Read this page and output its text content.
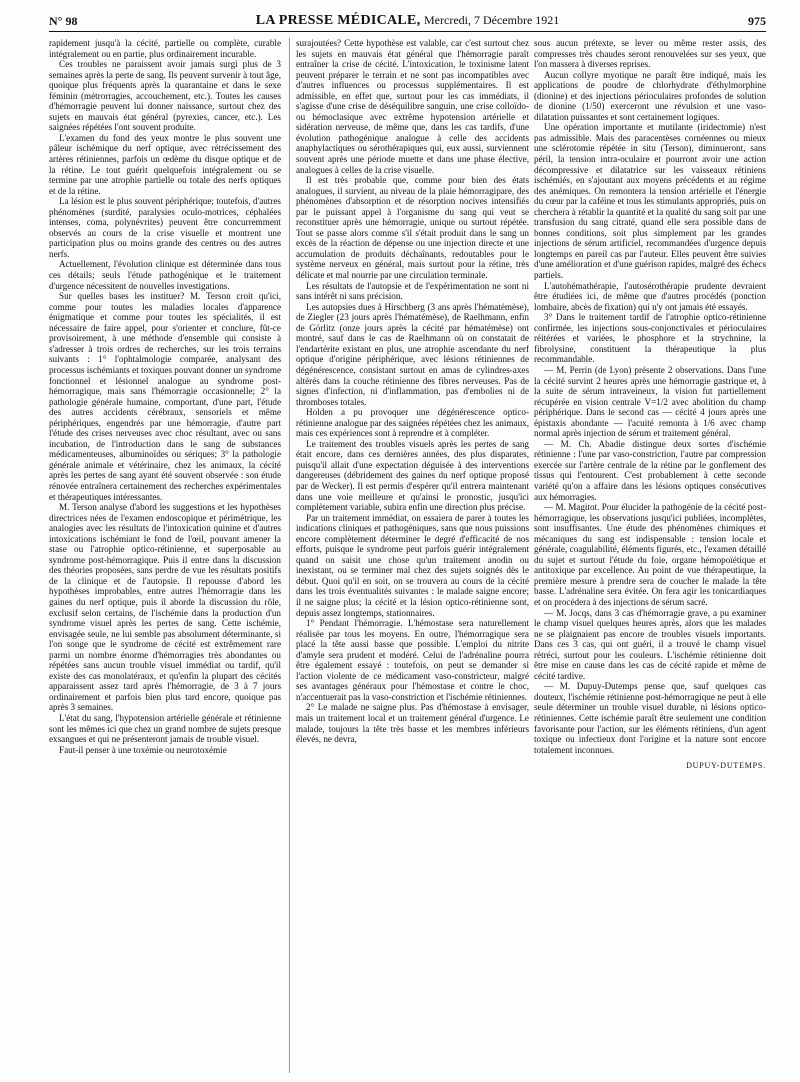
N° 98	LA PRESSE MÉDICALE, Mercredi, 7 Décembre 1921	975

rapidement jusqu'à la cécité, partielle ou complète, curable intégralement ou en partie, plus ordinairement incurable.

Ces troubles ne paraissent avoir jamais surgi plus de 3 semaines après la perte de sang. Ils peuvent survenir à tout âge, quoique plus fréquents après la quarantaine et dans le sexe féminin (métrorragies, accouchement, etc.). Toutes les causes d'hémorragie peuvent lui donner naissance, surtout chez des sujets en mauvais état général (pyrexies, cancer, etc.). Les saignées répétées l'ont souvent produite.

L'examen du fond des yeux montre le plus souvent une pâleur ischémique du nerf optique, avec rétrécissement des artères rétiniennes, parfois un œdème du disque optique et de la rétine. Le tout guérit quelquefois intégralement ou se termine par une atrophie partielle ou totale des nerfs optiques et de la rétine.

La lésion est le plus souvent périphérique; toutefois, d'autres phénomènes (surdité, paralysies oculo-motrices, céphalées intenses, coma, polynévrites) peuvent être concurremment observés au cours de la crise visuelle et montrent une participation plus ou moins grande des centres ou des autres nerfs.

Actuellement, l'évolution clinique est déterminée dans tous ces détails; seuls l'étude pathogénique et le traitement d'urgence nécessitent de nouvelles investigations.

Sur quelles bases les instituer? M. Terson croit qu'ici, comme pour toutes les maladies locales d'apparence énigmatique et comme pour toutes les spécialités, il est nécessaire de faire appel, pour s'orienter et conclure, fût-ce provisoirement, à une méthode d'ensemble qui consiste à s'adresser à trois ordres de recherches, sur les trois terrains suivants : 1° l'ophtalmologie comparée, analysant des processus ischémiants et toxiques pouvant donner un syndrome fonctionnel et lésionnel analogue au syndrome post-hémorragique, mais sans l'hémorragie occasionnelle; 2° la pathologie générale humaine, comportant, d'une part, l'étude des autres accidents cérébraux, sensoriels et même périphériques, engendrés par une hémorragie, d'autre part l'étude des crises nerveuses avec choc résultant, avec ou sans incubation, de l'introduction dans le sang de substances médicamenteuses, albuminoïdes ou sériques; 3° la pathologie générale animale et vétérinaire, chez les animaux, la cécité après les pertes de sang ayant été souvent observée : son étude rénovée entraînera certainement des recherches expérimentales et thérapeutiques intéressantes.

M. Terson analyse d'abord les suggestions et les hypothèses directrices nées de l'examen endoscopique et périmétrique, les analogies avec les résultats de l'intoxication quinine et d'autres intoxications ischémiant le fond de l'œil, pouvant amener la stase ou l'atrophie optico-rétinienne, et superposable au syndrome post-hémorragique. Puis il entre dans la discussion des théories proposées, sans perdre de vue les résultats positifs de la clinique et de l'autopsie. Il repousse d'abord les hypothèses improbables, entre autres l'hémorragie dans les gaines du nerf optique, puis il aborde la discussion du rôle, exclusif selon certains, de l'ischémie dans la production d'un syndrome visuel après les pertes de sang. Cette ischémie, envisagée seule, ne lui semble pas absolument déterminante, si l'on songe que le syndrome de cécité est extrêmement rare parmi un nombre énorme d'hémorragies très abondantes ou répétées sans aucun trouble visuel immédiat ou tardif, qu'il existe des cas monolatéraux, et qu'enfin la plupart des cécités apparaissent assez tard après l'hémorragie, de 3 à 7 jours ordinairement et parfois bien plus tard encore, quoique pas après 3 semaines.

L'état du sang, l'hypotension artérielle générale et rétinienne sont les mêmes ici que chez un grand nombre de sujets presque exsangues et qui ne présenteront jamais de trouble visuel.

Faut-il penser à une toxémie ou neurotoxémie

surajoutées? Cette hypothèse est valable, car c'est surtout chez les sujets en mauvais état général que l'hémorragie paraît entraîner la crise de cécité. L'intoxication, le toxinisme latent peuvent préparer le terrain et ne sont pas incompatibles avec d'autres influences ou processus supplémentaires. Il est admissible, en effet que, surtout pour les cas immédiats, il s'agisse d'une crise de déséquilibre sanguin, une crise colloïdo- ou hémoclasique avec extrême hypotension artérielle et sidération nerveuse, de même que, dans les cas tardifs, d'une évolution pathogénique analogue à celle des accidents anaphylactiques ou sérothérapiques qui, eux aussi, surviennent souvent après une période muette et dans une phase élective, analogues à celles de la crise visuelle.

Il est très probable que, comme pour bien des états analogues, il survient, au niveau de la plaie hémorragipare, des phénomènes d'absorption et de résorption nocives intensifiés par le puissant appel à l'organisme du sang qui veut se reconstituer après une hémorragie, unique ou surtout répétée. Tout se passe alors comme s'il s'était produit dans le sang un excès de la réaction de dépense ou une injection directe et une accumulation de produits déchaînants, redoutables pour le système nerveux en général, mais surtout pour la rétine, très délicate et mal nourrie par une circulation terminale.

Les résultats de l'autopsie et de l'expérimentation ne sont ni sans intérêt ni sans précision.

Les autopsies dues à Hirschberg (3 ans après l'hématémèse), de Ziegler (23 jours après l'hématémèse), de Raelhmann, enfin de Görlitz (onze jours après la cécité par hématémèse) ont montré, sauf dans le cas de Raelhmann où on constatait de l'endartérite existant en plus, une atrophie ascendante du nerf optique d'origine périphérique, avec lésions rétiniennes de dégénérescence, consistant surtout en amas de cylindres-axes altérés dans la couche rétinienne des fibres nerveuses. Pas de signes d'infection, ni d'inflammation, pas d'embolies ni de thromboses totales.

Holden a pu provoquer une dégénérescence optico-rétinienne analogue par des saignées répétées chez les animaux, mais ces expériences sont à reprendre et à compléter.

Le traitement des troubles visuels après les pertes de sang était encore, dans ces dernières années, des plus disparates, puisqu'il allait d'une expectation déguisée à des interventions dangereuses (débridement des gaines du nerf optique proposé par de Wecker). Il est permis d'espérer qu'il entrera maintenant dans une voie meilleure et qu'ainsi le pronostic, jusqu'ici complètement variable, subira enfin une direction plus précise.

Par un traitement immédiat, on essaiera de parer à toutes les indications cliniques et pathogéniques, sans que nous puissions encore complètement déterminer le degré d'efficacité de nos efforts, puisque le syndrome peut parfois guérir intégralement quand on saisit une chose qu'un traitement anodin ou inexistant, ou se terminer mal chez des sujets soignés dès le début. Quoi qu'il en soit, on se trouvera au cours de la cécité dans les trois éventualités suivantes : le malade saigne encore; il ne saigne plus; la cécité et la lésion optico-rétinienne sont, depuis assez longtemps, stationnaires.

1° Pendant l'hémorragie. L'hémostase sera naturellement réalisée par tous les moyens. En outre, l'hémorragique sera placé la tête aussi basse que possible. L'emploi du nitrite d'amyle sera prudent et modéré. Celui de l'adrénaline pourra être également essayé : toutefois, on peut se demander si l'action violente de ce médicament vaso-constricteur, malgré ses avantages généraux pour l'hémostase et contre le choc, n'accentuerait pas la vaso-constriction et l'ischémie rétiniennes.

2° Le malade ne saigne plus. Pas d'hémostase à envisager, mais un traitement local et un traitement général d'urgence. Le malade, toujours la tête très basse et les membres inférieurs élevés, ne devra,

sous aucun prétexte, se lever ou même rester assis, des compresses très chaudes seront renouvelées sur ses yeux, que l'on massera à diverses reprises.

Aucun collyre myotique ne paraît être indiqué, mais les applications de poudre de chlorhydrate d'éthylmorphine (dionine) et des injections périoculaires profondes de solution de dionine (1/50) exerceront une révulsion et une vaso-dilatation puissantes et sont certainement logiques.

Une opération importante et mutilante (iridectomie) n'est pas admissible. Mais des paracentèses cornéennes ou mieux une sclérotomie répétée in situ (Terson), diminueront, sans péril, la tension intra-oculaire et pourront avoir une action décompressive et dilatatrice sur les vaisseaux rétiniens ischémiés, en s'ajoutant aux moyens précédents et au régime des anémiques. On remontera la tension artérielle et l'énergie du cœur par la caféine et tous les stimulants appropriés, puis on cherchera à rétablir la quantité et la qualité du sang soit par une transfusion du sang citraté, quand elle sera possible dans de bonnes conditions, soit plus simplement par les grandes injections de sérum artificiel, recommandées d'urgence depuis longtemps en pareil cas par l'auteur. Elles peuvent être suivies d'une amélioration et d'une guérison rapides, malgré des échecs partiels.

L'autohémathérapie, l'autosérothérapie prudente devraient être étudiées ici, de même que d'autres procédés (ponction lombaire, abcès de fixation) qui n'y ont jamais été essayés.

3° Dans le traitement tardif de l'atrophie optico-rétinienne confirmée, les injections sous-conjonctivales et périoculaires réitérées et variées, le phosphore et la strychnine, la fibrolysine, constituent la thérapeutique la plus recommandable.

— M. Perrin (de Lyon) présente 2 observations. Dans l'une la cécité survint 2 heures après une hémorragie gastrique et, à la suite de sérum intraveineux, la vision fut partiellement récupérée en vision centrale V=1/2 avec abolition du champ périphérique. Dans le second cas — cécité 4 jours après une épistaxis abondante — l'acuité remonta à 1/6 avec champ normal après injection de sérum et traitement général.

— M. Ch. Abadie distingue deux sortes d'ischémie rétinienne : l'une par vaso-constriction, l'autre par compression exercée sur l'artère centrale de la rétine par le gonflement des tissus qui l'entourent. C'est probablement à cette seconde variété qu'on a affaire dans les lésions optiques consécutives aux hémorragies.

— M. Magitot. Pour élucider la pathogénie de la cécité post-hémorragique, les observations jusqu'ici publiées, incomplètes, sont insuffisantes. Une étude des phénomènes chimiques et mécaniques du sang est indispensable : tension locale et générale, coagulabilité, éléments figurés, etc., l'examen détaillé du sujet et surtout l'étude du foie, organe hémopoïétique et antitoxique par excellence. Au point de vue thérapeutique, la première mesure à prendre sera de coucher le malade la tête basse. L'adrénaline sera évitée. On fera agir les tonicardiaques et on procédera à des injections de sérum sacré.

— M. Jocqs, dans 3 cas d'hémorragie grave, a pu examiner le champ visuel quelques heures après, alors que les malades ne se plaignaient pas encore de troubles visuels importants. Dans ces 3 cas, qui ont guéri, il a trouvé le champ visuel rétréci, surtout pour les couleurs. L'ischémie rétinienne doit être mise en cause dans les cas de cécité rapide et même de cécité tardive.

— M. Dupuy-Dutemps pense que, sauf quelques cas douteux, l'ischémie rétinienne post-hémorragique ne peut à elle seule déterminer un trouble visuel durable, ni lésions optico-rétiniennes. Cette ischémie paraît être seulement une condition favorisante pour l'action, sur les éléments rétiniens, d'un agent toxique ou infectieux dont l'origine et la nature sont encore totalement inconnues.

DUPUY-DUTEMPS.
